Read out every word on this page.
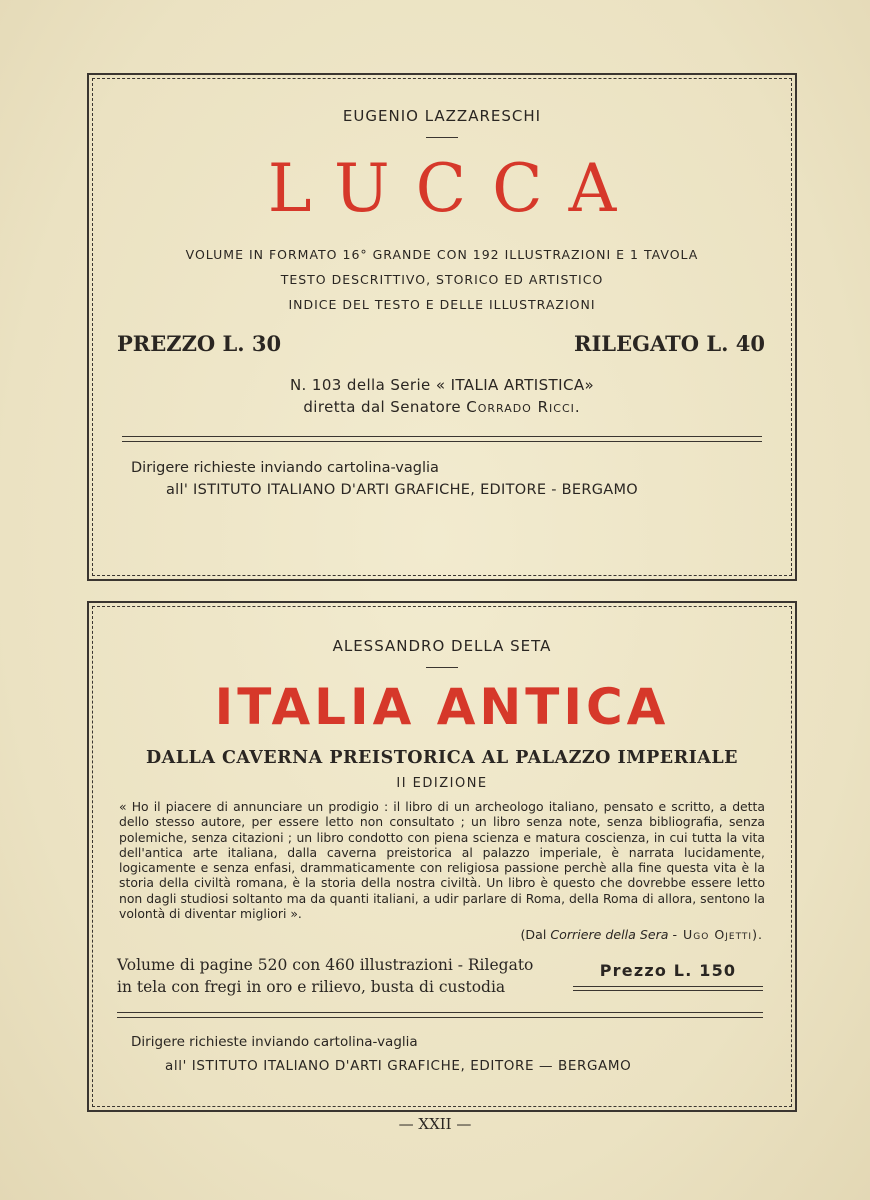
EUGENIO LAZZARESCHI
LUCCA
VOLUME IN FORMATO 16° GRANDE CON 192 ILLUSTRAZIONI E 1 TAVOLA
TESTO DESCRITTIVO, STORICO ED ARTISTICO
INDICE DEL TESTO E DELLE ILLUSTRAZIONI
PREZZO L. 30	RILEGATO L. 40
N. 103 della Serie « ITALIA ARTISTICA»
diretta dal Senatore Corrado Ricci.
Dirigere richieste inviando cartolina-vaglia
all' ISTITUTO ITALIANO D'ARTI GRAFICHE, EDITORE - BERGAMO
ALESSANDRO DELLA SETA
ITALIA ANTICA
DALLA CAVERNA PREISTORICA AL PALAZZO IMPERIALE
II EDIZIONE
« Ho il piacere di annunciare un prodigio : il libro di un archeologo italiano, pensato e scritto, a detta dello stesso autore, per essere letto non consultato ; un libro senza note, senza bibliografia, senza polemiche, senza citazioni ; un libro condotto con piena scienza e matura coscienza, in cui tutta la vita dell'antica arte italiana, dalla caverna preistorica al palazzo imperiale, è narrata lucidamente, logicamente e senza enfasi, drammaticamente con religiosa passione perchè alla fine questa vita è la storia della civiltà romana, è la storia della nostra civiltà. Un libro è questo che dovrebbe essere letto non dagli studiosi soltanto ma da quanti italiani, a udir parlare di Roma, della Roma di allora, sentono la volontà di diventar migliori ».
(Dal Corriere della Sera - Ugo Ojetti).
Volume di pagine 520 con 460 illustrazioni - Rilegato
in tela con fregi in oro e rilievo, busta di custodia
Prezzo L. 150
Dirigere richieste inviando cartolina-vaglia
all' ISTITUTO ITALIANO D'ARTI GRAFICHE, EDITORE — BERGAMO
— XXII —
